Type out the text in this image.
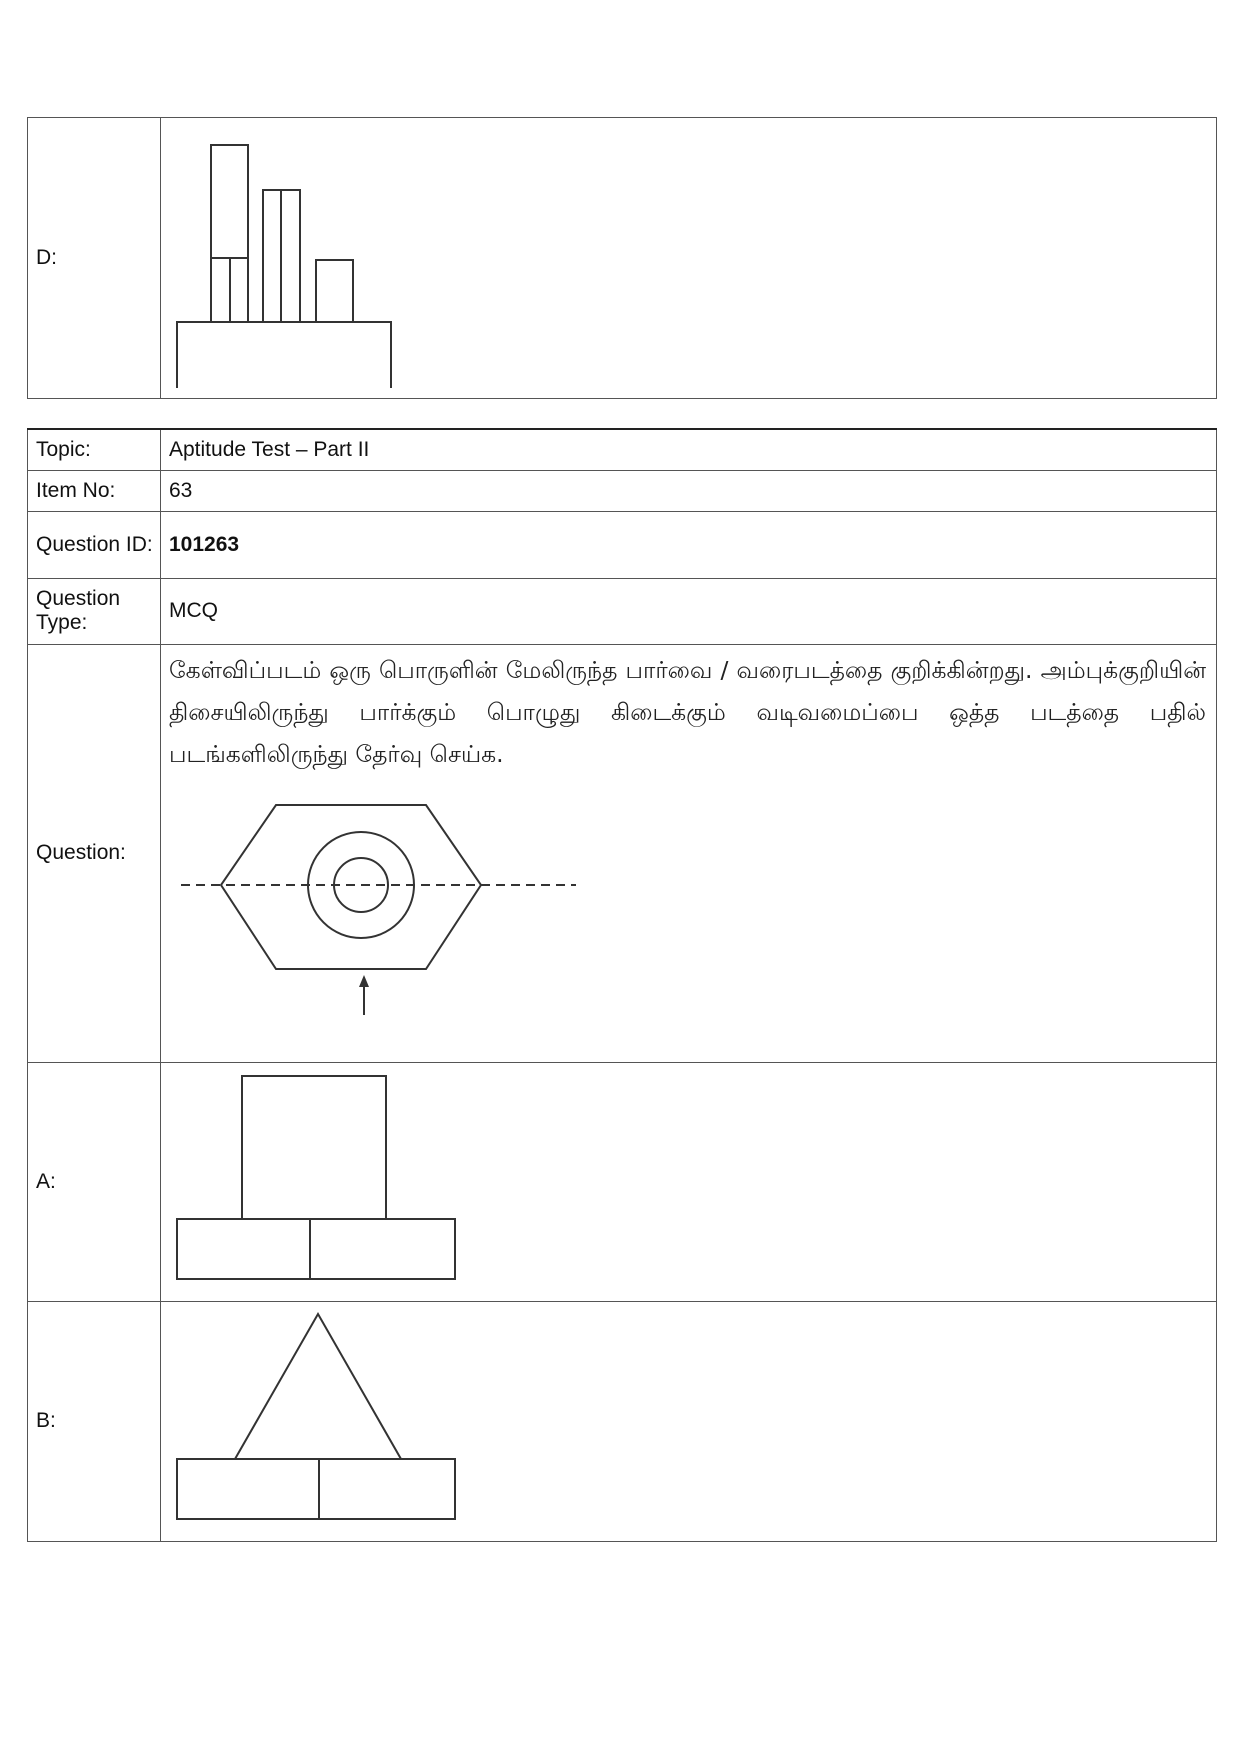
D:	
Topic:	Aptitude Test – Part II
Item No:	63
Question ID:	101263
Question Type:	MCQ
Question:	கேள்விப்படம் ஒரு பொருளின் மேலிருந்த பார்வை / வரைபடத்தை குறிக்கின்றது. அம்புக்குறியின் திசையிலிருந்து பார்க்கும் பொழுது கிடைக்கும் வடிவமைப்பை ஒத்த படத்தை பதில் படங்களிலிருந்து தேர்வு செய்க.

A:	

B:	
